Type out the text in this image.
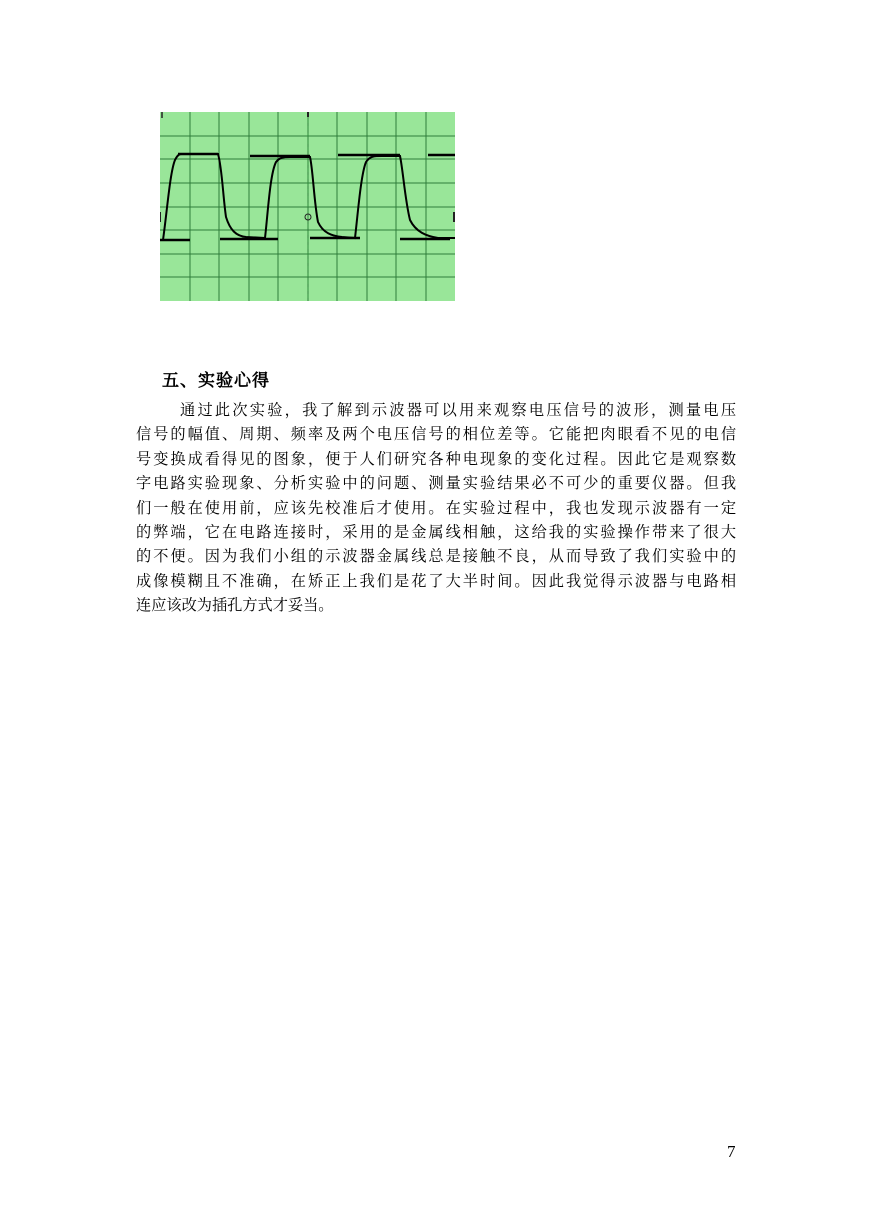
五、实验心得
通过此次实验，我了解到示波器可以用来观察电压信号的波形，测量电压
信号的幅值、周期、频率及两个电压信号的相位差等。它能把肉眼看不见的电信
号变换成看得见的图象，便于人们研究各种电现象的变化过程。因此它是观察数
字电路实验现象、分析实验中的问题、测量实验结果必不可少的重要仪器。但我
们一般在使用前，应该先校准后才使用。在实验过程中，我也发现示波器有一定
的弊端，它在电路连接时，采用的是金属线相触，这给我的实验操作带来了很大
的不便。因为我们小组的示波器金属线总是接触不良，从而导致了我们实验中的
成像模糊且不准确，在矫正上我们是花了大半时间。因此我觉得示波器与电路相
连应该改为插孔方式才妥当。
7
